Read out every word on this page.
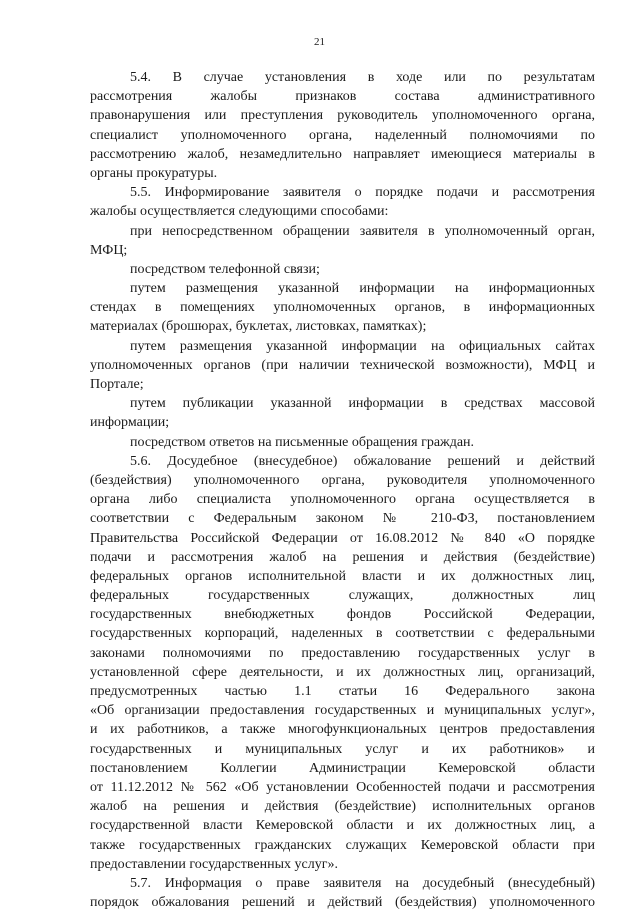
21
5.4. В случае установления в ходе или по результатам
рассмотрения жалобы признаков состава административного
правонарушения или преступления руководитель уполномоченного органа,
специалист уполномоченного органа, наделенный полномочиями по
рассмотрению жалоб, незамедлительно направляет имеющиеся материалы в
органы прокуратуры.
5.5. Информирование заявителя о порядке подачи и рассмотрения
жалобы осуществляется следующими способами:
при непосредственном обращении заявителя в уполномоченный орган,
МФЦ;
посредством телефонной связи;
путем размещения указанной информации на информационных
стендах в помещениях уполномоченных органов, в информационных
материалах (брошюрах, буклетах, листовках, памятках);
путем размещения указанной информации на официальных сайтах
уполномоченных органов (при наличии технической возможности), МФЦ и
Портале;
путем публикации указанной информации в средствах массовой
информации;
посредством ответов на письменные обращения граждан.
5.6. Досудебное (внесудебное) обжалование решений и действий
(бездействия) уполномоченного органа, руководителя уполномоченного
органа либо специалиста уполномоченного органа осуществляется в
соответствии с Федеральным законом № 210-ФЗ, постановлением
Правительства Российской Федерации от 16.08.2012 № 840 «О порядке
подачи и рассмотрения жалоб на решения и действия (бездействие)
федеральных органов исполнительной власти и их должностных лиц,
федеральных государственных служащих, должностных лиц
государственных внебюджетных фондов Российской Федерации,
государственных корпораций, наделенных в соответствии с федеральными
законами полномочиями по предоставлению государственных услуг в
установленной сфере деятельности, и их должностных лиц, организаций,
предусмотренных частью 1.1 статьи 16 Федерального закона
«Об организации предоставления государственных и муниципальных услуг»,
и их работников, а также многофункциональных центров предоставления
государственных и муниципальных услуг и их работников» и
постановлением Коллегии Администрации Кемеровской области
от 11.12.2012 № 562 «Об установлении Особенностей подачи и рассмотрения
жалоб на решения и действия (бездействие) исполнительных органов
государственной власти Кемеровской области и их должностных лиц, а
также государственных гражданских служащих Кемеровской области при
предоставлении государственных услуг».
5.7. Информация о праве заявителя на досудебный (внесудебный)
порядок обжалования решений и действий (бездействия) уполномоченного
